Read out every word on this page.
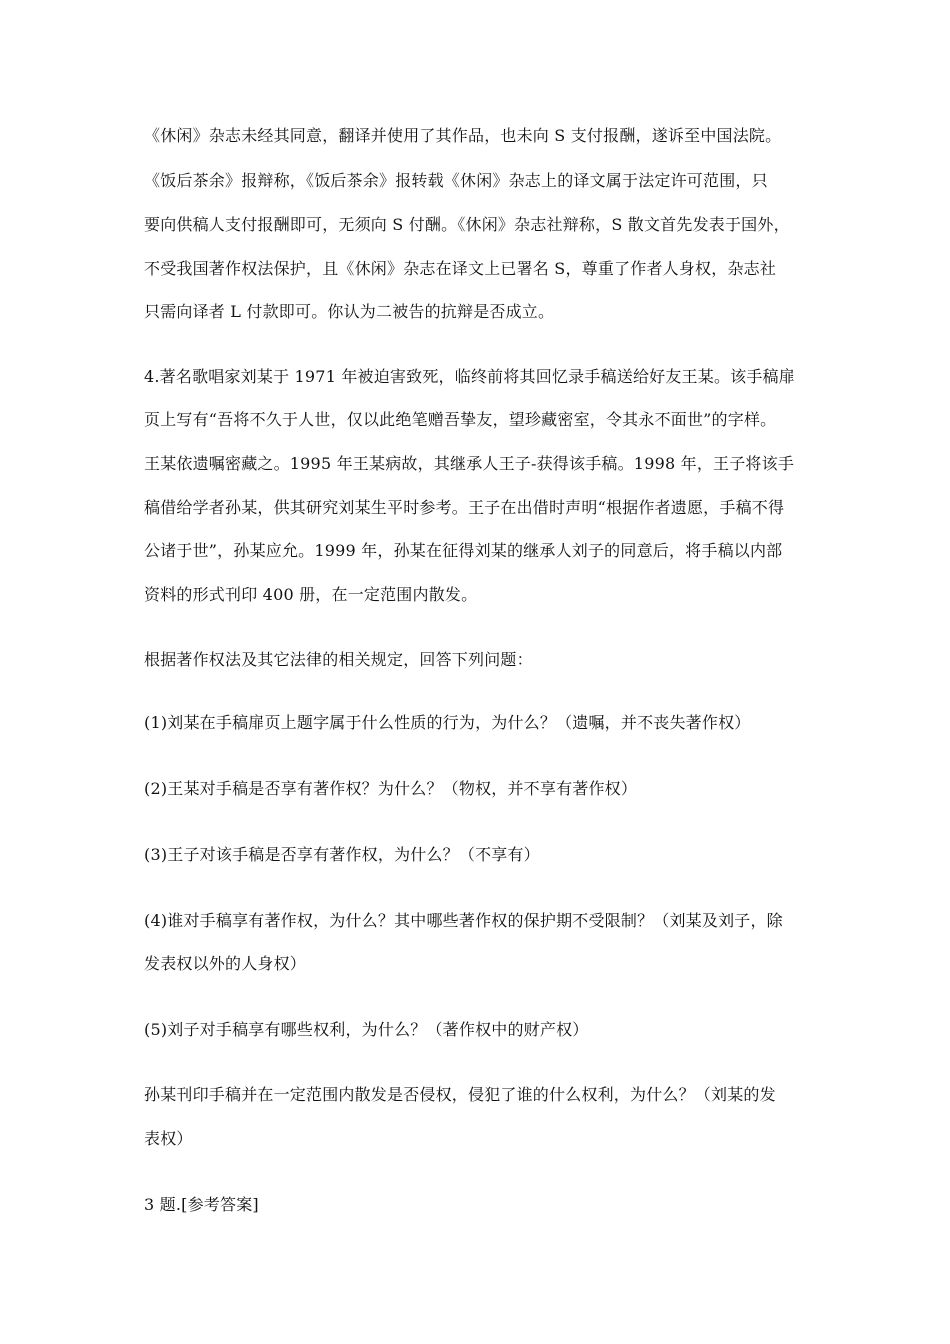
《休闲》杂志未经其同意，翻译并使用了其作品，也未向 S 支付报酬，遂诉至中国法院。
《饭后茶余》报辩称，《饭后茶余》报转载《休闲》杂志上的译文属于法定许可范围，只
要向供稿人支付报酬即可，无须向 S 付酬。《休闲》杂志社辩称，S 散文首先发表于国外，
不受我国著作权法保护，且《休闲》杂志在译文上已署名 S，尊重了作者人身权，杂志社
只需向译者 L 付款即可。你认为二被告的抗辩是否成立。
4.著名歌唱家刘某于 1971 年被迫害致死，临终前将其回忆录手稿送给好友王某。该手稿扉
页上写有“吾将不久于人世，仅以此绝笔赠吾挚友，望珍藏密室，令其永不面世”的字样。
王某依遗嘱密藏之。1995 年王某病故，其继承人王子-获得该手稿。1998 年，王子将该手
稿借给学者孙某，供其研究刘某生平时参考。王子在出借时声明“根据作者遗愿，手稿不得
公诸于世”，孙某应允。1999 年，孙某在征得刘某的继承人刘子的同意后，将手稿以内部
资料的形式刊印 400 册，在一定范围内散发。
根据著作权法及其它法律的相关规定，回答下列问题：
(1)刘某在手稿扉页上题字属于什么性质的行为，为什么？（遗嘱，并不丧失著作权）
(2)王某对手稿是否享有著作权？为什么？（物权，并不享有著作权）
(3)王子对该手稿是否享有著作权，为什么？（不享有）
(4)谁对手稿享有著作权，为什么？其中哪些著作权的保护期不受限制？（刘某及刘子，除
发表权以外的人身权）
(5)刘子对手稿享有哪些权利，为什么？（著作权中的财产权）
孙某刊印手稿并在一定范围内散发是否侵权，侵犯了谁的什么权利，为什么？（刘某的发
表权）
3 题.[参考答案]
